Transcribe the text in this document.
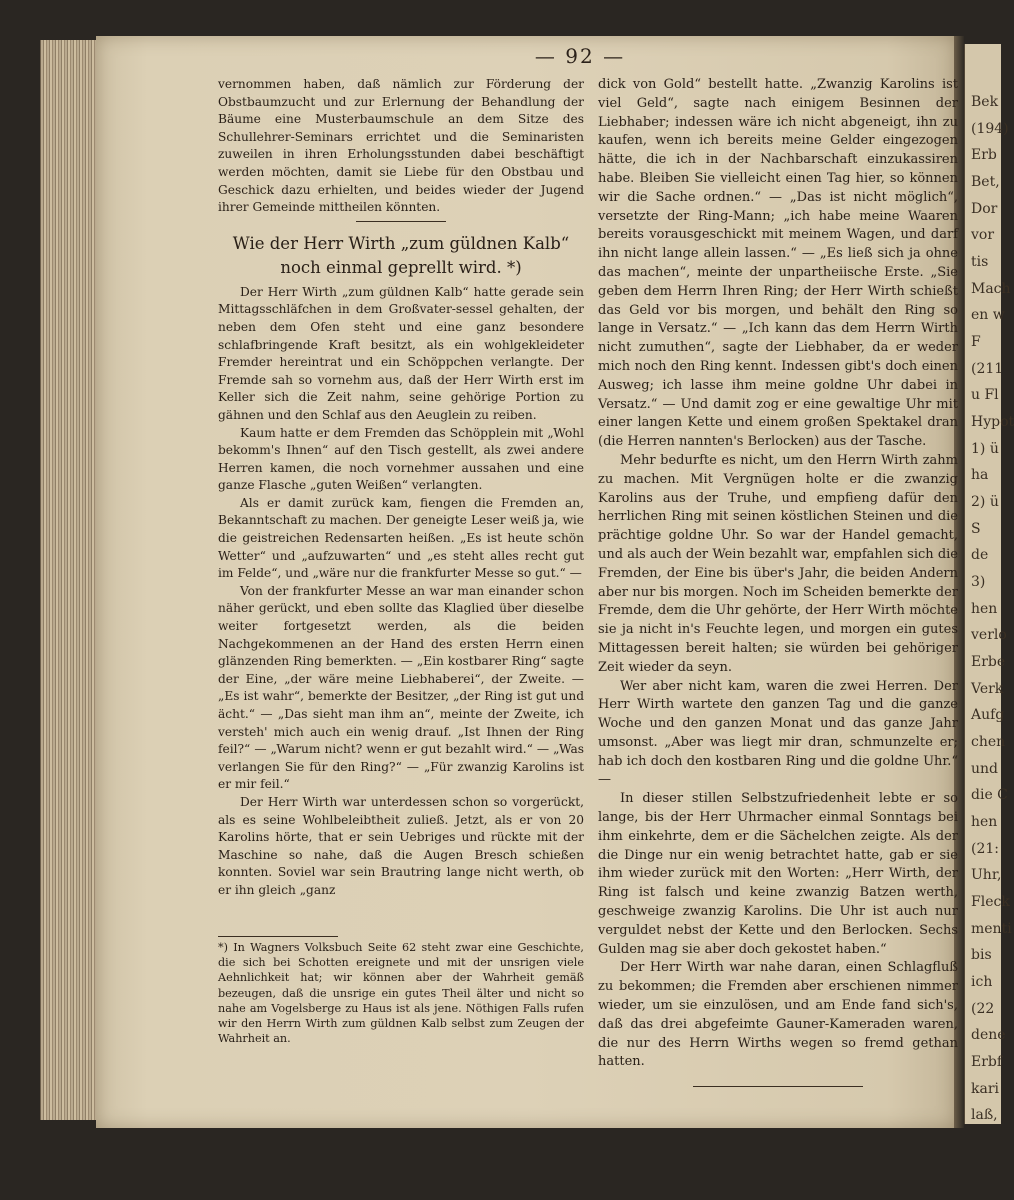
Bek
(194)
Erb
Bet,
Dor
vor
tis
Mach
en w
F
(211
u Fl
Hypot
1) ü
ha
2) ü
S
de
3)
hen
verlo
Erbe
Verk
Aufg
chen
und
die C
hen
(21:
Uhr,
Fleck
menti
bis
ich
(22
dene
Erbf
kari
laß,
— 92 —

vernommen haben, daß nämlich zur Förderung der Obstbaumzucht und zur Erlernung der Behandlung der Bäume eine Musterbaumschule an dem Sitze des Schullehrer-Seminars errichtet und die Seminaristen zuweilen in ihren Erholungsstunden dabei beschäftigt werden möchten, damit sie Liebe für den Obstbau und Geschick dazu erhielten, und beides wieder der Jugend ihrer Gemeinde mittheilen könnten.

Wie der Herr Wirth „zum güldnen Kalb“
noch einmal geprellt wird. *)

Der Herr Wirth „zum güldnen Kalb“ hatte gerade sein Mittagsschläfchen in dem Großvater-sessel gehalten, der neben dem Ofen steht und eine ganz besondere schlafbringende Kraft besitzt, als ein wohlgekleideter Fremder hereintrat und ein Schöppchen verlangte. Der Fremde sah so vornehm aus, daß der Herr Wirth erst im Keller sich die Zeit nahm, seine gehörige Portion zu gähnen und den Schlaf aus den Aeuglein zu reiben.

Kaum hatte er dem Fremden das Schöpplein mit „Wohl bekomm's Ihnen“ auf den Tisch gestellt, als zwei andere Herren kamen, die noch vornehmer aussahen und eine ganze Flasche „guten Weißen“ verlangten.

Als er damit zurück kam, fiengen die Fremden an, Bekanntschaft zu machen. Der geneigte Leser weiß ja, wie die geistreichen Redensarten heißen. „Es ist heute schön Wetter“ und „aufzuwarten“ und „es steht alles recht gut im Felde“, und „wäre nur die frankfurter Messe so gut.“ —

Von der frankfurter Messe an war man einander schon näher gerückt, und eben sollte das Klaglied über dieselbe weiter fortgesetzt werden, als die beiden Nachgekommenen an der Hand des ersten Herrn einen glänzenden Ring bemerkten. — „Ein kostbarer Ring“ sagte der Eine, „der wäre meine Liebhaberei“, der Zweite. — „Es ist wahr“, bemerkte der Besitzer, „der Ring ist gut und ächt.“ — „Das sieht man ihm an“, meinte der Zweite, ich versteh' mich auch ein wenig drauf. „Ist Ihnen der Ring feil?“ — „Warum nicht? wenn er gut bezahlt wird.“ — „Was verlangen Sie für den Ring?“ — „Für zwanzig Karolins ist er mir feil.“

Der Herr Wirth war unterdessen schon so vorgerückt, als es seine Wohlbeleibtheit zuließ. Jetzt, als er von 20 Karolins hörte, that er sein Uebriges und rückte mit der Maschine so nahe, daß die Augen Bresch schießen konnten. Soviel war sein Brautring lange nicht werth, ob er ihn gleich „ganz

*) In Wagners Volksbuch Seite 62 steht zwar eine Geschichte, die sich bei Schotten ereignete und mit der unsrigen viele Aehnlichkeit hat; wir können aber der Wahrheit gemäß bezeugen, daß die unsrige ein gutes Theil älter und nicht so nahe am Vogelsberge zu Haus ist als jene. Nöthigen Falls rufen wir den Herrn Wirth zum güldnen Kalb selbst zum Zeugen der Wahrheit an.

dick von Gold“ bestellt hatte. „Zwanzig Karolins ist viel Geld“, sagte nach einigem Besinnen der Liebhaber; indessen wäre ich nicht abgeneigt, ihn zu kaufen, wenn ich bereits meine Gelder eingezogen hätte, die ich in der Nachbarschaft einzukassiren habe. Bleiben Sie vielleicht einen Tag hier, so können wir die Sache ordnen.“ — „Das ist nicht möglich“, versetzte der Ring-Mann; „ich habe meine Waaren bereits vorausgeschickt mit meinem Wagen, und darf ihn nicht lange allein lassen.“ — „Es ließ sich ja ohne das machen“, meinte der unpartheiische Erste. „Sie geben dem Herrn Ihren Ring; der Herr Wirth schießt das Geld vor bis morgen, und behält den Ring so lange in Versatz.“ — „Ich kann das dem Herrn Wirth nicht zumuthen“, sagte der Liebhaber, da er weder mich noch den Ring kennt. Indessen gibt's doch einen Ausweg; ich lasse ihm meine goldne Uhr dabei in Versatz.“ — Und damit zog er eine gewaltige Uhr mit einer langen Kette und einem großen Spektakel dran (die Herren nannten's Berlocken) aus der Tasche.

Mehr bedurfte es nicht, um den Herrn Wirth zahm zu machen. Mit Vergnügen holte er die zwanzig Karolins aus der Truhe, und empfieng dafür den herrlichen Ring mit seinen köstlichen Steinen und die prächtige goldne Uhr. So war der Handel gemacht, und als auch der Wein bezahlt war, empfahlen sich die Fremden, der Eine bis über's Jahr, die beiden Andern aber nur bis morgen. Noch im Scheiden bemerkte der Fremde, dem die Uhr gehörte, der Herr Wirth möchte sie ja nicht in's Feuchte legen, und morgen ein gutes Mittagessen bereit halten; sie würden bei gehöriger Zeit wieder da seyn.

Wer aber nicht kam, waren die zwei Herren. Der Herr Wirth wartete den ganzen Tag und die ganze Woche und den ganzen Monat und das ganze Jahr umsonst. „Aber was liegt mir dran, schmunzelte er; hab ich doch den kostbaren Ring und die goldne Uhr.“ —

In dieser stillen Selbstzufriedenheit lebte er so lange, bis der Herr Uhrmacher einmal Sonntags bei ihm einkehrte, dem er die Sächelchen zeigte. Als der die Dinge nur ein wenig betrachtet hatte, gab er sie ihm wieder zurück mit den Worten: „Herr Wirth, der Ring ist falsch und keine zwanzig Batzen werth, geschweige zwanzig Karolins. Die Uhr ist auch nur verguldet nebst der Kette und den Berlocken. Sechs Gulden mag sie aber doch gekostet haben.“

Der Herr Wirth war nahe daran, einen Schlagfluß zu bekommen; die Fremden aber erschienen nimmer wieder, um sie einzulösen, und am Ende fand sich's, daß das drei abgefeimte Gauner-Kameraden waren, die nur des Herrn Wirths wegen so fremd gethan hatten.
